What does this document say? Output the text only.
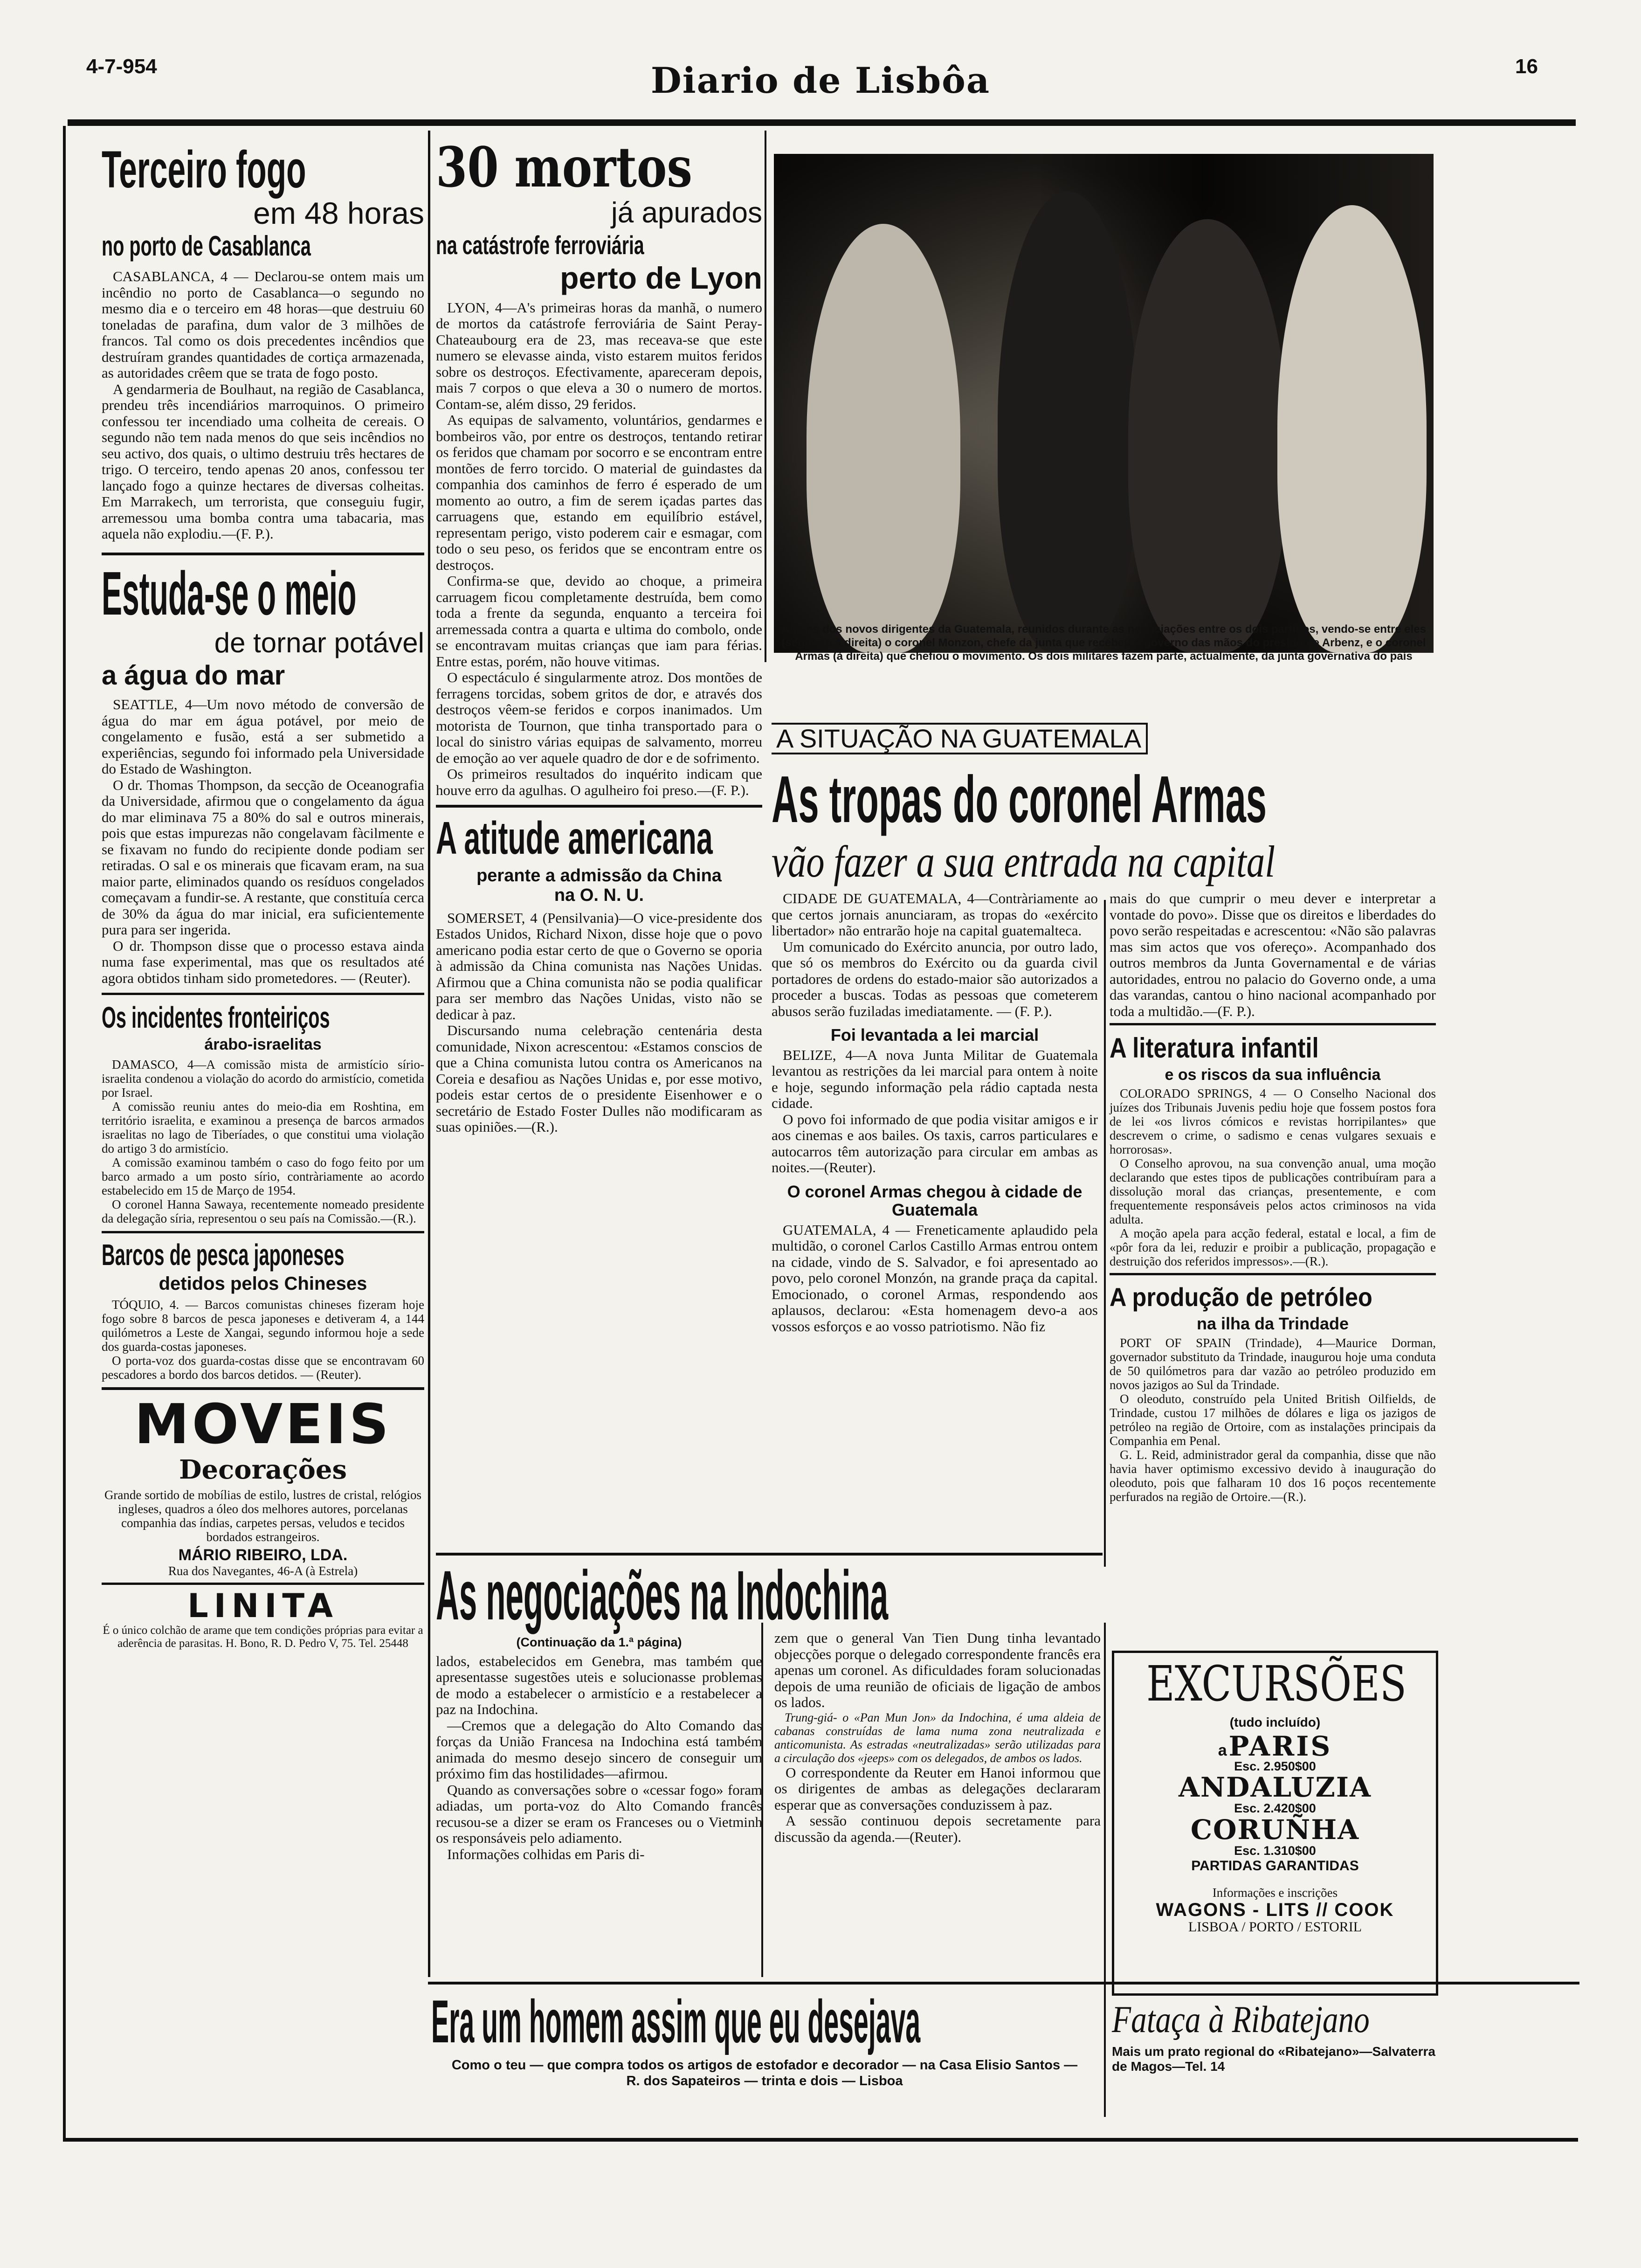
4-7-954	Diario de Lisbôa	16
Terceiro fogo
em 48 horas
no porto de Casablanca

CASABLANCA, 4 — Declarou-se ontem mais um incêndio no porto de Casablanca—o segundo no mesmo dia e o terceiro em 48 horas—que destruiu 60 toneladas de parafina, dum valor de 3 milhões de francos. Tal como os dois precedentes incêndios que destruíram grandes quantidades de cortiça armazenada, as autoridades crêem que se trata de fogo posto.

A gendarmeria de Boulhaut, na região de Casablanca, prendeu três incendiários marroquinos. O primeiro confessou ter incendiado uma colheita de cereais. O segundo não tem nada menos do que seis incêndios no seu activo, dos quais, o ultimo destruiu três hectares de trigo. O terceiro, tendo apenas 20 anos, confessou ter lançado fogo a quinze hectares de diversas colheitas. Em Marrakech, um terrorista, que conseguiu fugir, arremessou uma bomba contra uma tabacaria, mas aquela não explodiu.—(F. P.).

Estuda-se o meio
de tornar potável
a água do mar

SEATTLE, 4—Um novo método de conversão de água do mar em água potável, por meio de congelamento e fusão, está a ser submetido a experiências, segundo foi informado pela Universidade do Estado de Washington.

O dr. Thomas Thompson, da secção de Oceanografia da Universidade, afirmou que o congelamento da água do mar eliminava 75 a 80% do sal e outros minerais, pois que estas impurezas não congelavam fàcilmente e se fixavam no fundo do recipiente donde podiam ser retiradas. O sal e os minerais que ficavam eram, na sua maior parte, eliminados quando os resíduos congelados começavam a fundir-se. A restante, que constituía cerca de 30% da água do mar inicial, era suficientemente pura para ser ingerida.

O dr. Thompson disse que o processo estava ainda numa fase experimental, mas que os resultados até agora obtidos tinham sido prometedores. — (Reuter).

Os incidentes fronteiriços
árabo-israelitas

DAMASCO, 4—A comissão mista de armistício sírio-israelita condenou a violação do acordo do armistício, cometida por Israel.

A comissão reuniu antes do meio-dia em Roshtina, em território israelita, e examinou a presença de barcos armados israelitas no lago de Tiberíades, o que constitui uma violação do artigo 3 do armistício.

A comissão examinou também o caso do fogo feito por um barco armado a um posto sírio, contràriamente ao acordo estabelecido em 15 de Março de 1954.

O coronel Hanna Sawaya, recentemente nomeado presidente da delegação síria, representou o seu país na Comissão.—(R.).

Barcos de pesca japoneses
detidos pelos Chineses

TÓQUIO, 4. — Barcos comunistas chineses fizeram hoje fogo sobre 8 barcos de pesca japoneses e detiveram 4, a 144 quilómetros a Leste de Xangai, segundo informou hoje a sede dos guarda-costas japoneses.

O porta-voz dos guarda-costas disse que se encontravam 60 pescadores a bordo dos barcos detidos. — (Reuter).

MOVEIS
Decorações

Grande sortido de mobílias de estilo, lustres de cristal, relógios ingleses, quadros a óleo dos melhores autores, porcelanas companhia das índias, carpetes persas, veludos e tecidos bordados estrangeiros.

MÁRIO RIBEIRO, LDA.
Rua dos Navegantes, 46-A (à Estrela)
LINITA

É o único colchão de arame que tem condições próprias para evitar a aderência de parasitas. H. Bono, R. D. Pedro V, 75. Tel. 25448

30 mortos
já apurados
na catástrofe ferroviária
perto de Lyon

LYON, 4—A's primeiras horas da manhã, o numero de mortos da catástrofe ferroviária de Saint Peray-Chateaubourg era de 23, mas receava-se que este numero se elevasse ainda, visto estarem muitos feridos sobre os destroços. Efectivamente, apareceram depois, mais 7 corpos o que eleva a 30 o numero de mortos. Contam-se, além disso, 29 feridos.

As equipas de salvamento, voluntários, gendarmes e bombeiros vão, por entre os destroços, tentando retirar os feridos que chamam por socorro e se encontram entre montões de ferro torcido. O material de guindastes da companhia dos caminhos de ferro é esperado de um momento ao outro, a fim de serem içadas partes das carruagens que, estando em equilíbrio estável, representam perigo, visto poderem cair e esmagar, com todo o seu peso, os feridos que se encontram entre os destroços.

Confirma-se que, devido ao choque, a primeira carruagem ficou completamente destruída, bem como toda a frente da segunda, enquanto a terceira foi arremessada contra a quarta e ultima do combolo, onde se encontravam muitas crianças que iam para férias. Entre estas, porém, não houve vitimas.

O espectáculo é singularmente atroz. Dos montões de ferragens torcidas, sobem gritos de dor, e através dos destroços vêem-se feridos e corpos inanimados. Um motorista de Tournon, que tinha transportado para o local do sinistro várias equipas de salvamento, morreu de emoção ao ver aquele quadro de dor e de sofrimento.

Os primeiros resultados do inquérito indicam que houve erro da agulhas. O agulheiro foi preso.—(F. P.).

A atitude americana
perante a admissão da China
na O. N. U.

SOMERSET, 4 (Pensilvania)—O vice-presidente dos Estados Unidos, Richard Nixon, disse hoje que o povo americano podia estar certo de que o Governo se oporia à admissão da China comunista nas Nações Unidas. Afirmou que a China comunista não se podia qualificar para ser membro das Nações Unidas, visto não se dedicar à paz.

Discursando numa celebração centenária desta comunidade, Nixon acrescentou: «Estamos conscios de que a China comunista lutou contra os Americanos na Coreia e desafiou as Nações Unidas e, por esse motivo, podeis estar certos de o presidente Eisenhower e o secretário de Estado Foster Dulles não modificaram as suas opiniões.—(R.).

Alguns dos novos dirigentes da Guatemala, reunidos durante as negociações entre os dois partidos, vendo-se entre eles (segundo à direita) o coronel Monzon, chefe da junta que recebeu o governo das mãos do presidente Arbenz, e o coronel Armas (à direita) que chefiou o movimento. Os dois militares fazem parte, actualmente, da junta governativa do país
A SITUAÇÃO NA GUATEMALA
As tropas do coronel Armas
vão fazer a sua entrada na capital

CIDADE DE GUATEMALA, 4—Contràriamente ao que certos jornais anunciaram, as tropas do «exército libertador» não entrarão hoje na capital guatemalteca.

Um comunicado do Exército anuncia, por outro lado, que só os membros do Exército ou da guarda civil portadores de ordens do estado-maior são autorizados a proceder a buscas. Todas as pessoas que cometerem abusos serão fuziladas imediatamente. — (F. P.).

Foi levantada a lei marcial

BELIZE, 4—A nova Junta Militar de Guatemala levantou as restrições da lei marcial para ontem à noite e hoje, segundo informação pela rádio captada nesta cidade.

O povo foi informado de que podia visitar amigos e ir aos cinemas e aos bailes. Os taxis, carros particulares e autocarros têm autorização para circular em ambas as noites.—(Reuter).

O coronel Armas chegou à cidade de Guatemala

GUATEMALA, 4 — Freneticamente aplaudido pela multidão, o coronel Carlos Castillo Armas entrou ontem na cidade, vindo de S. Salvador, e foi apresentado ao povo, pelo coronel Monzón, na grande praça da capital. Emocionado, o coronel Armas, respondendo aos aplausos, declarou: «Esta homenagem devo-a aos vossos esforços e ao vosso patriotismo. Não fiz

mais do que cumprir o meu dever e interpretar a vontade do povo». Disse que os direitos e liberdades do povo serão respeitadas e acrescentou: «Não são palavras mas sim actos que vos ofereço». Acompanhado dos outros membros da Junta Governamental e de várias autoridades, entrou no palacio do Governo onde, a uma das varandas, cantou o hino nacional acompanhado por toda a multidão.—(F. P.).

A literatura infantil
e os riscos da sua influência

COLORADO SPRINGS, 4 — O Conselho Nacional dos juízes dos Tribunais Juvenis pediu hoje que fossem postos fora de lei «os livros cómicos e revistas horripilantes» que descrevem o crime, o sadismo e cenas vulgares sexuais e horrorosas».

O Conselho aprovou, na sua convenção anual, uma moção declarando que estes tipos de publicações contribuíram para a dissolução moral das crianças, presentemente, e com frequentemente responsáveis pelos actos criminosos na vida adulta.

A moção apela para acção federal, estatal e local, a fim de «pôr fora da lei, reduzir e proibir a publicação, propagação e destruição dos referidos impressos».—(R.).

A produção de petróleo
na ilha da Trindade

PORT OF SPAIN (Trindade), 4—Maurice Dorman, governador substituto da Trindade, inaugurou hoje uma conduta de 50 quilómetros para dar vazão ao petróleo produzido em novos jazigos ao Sul da Trindade.

O oleoduto, construído pela United British Oilfields, de Trindade, custou 17 milhões de dólares e liga os jazigos de petróleo na região de Ortoire, com as instalações principais da Companhia em Penal.

G. L. Reid, administrador geral da companhia, disse que não havia haver optimismo excessivo devido à inauguração do oleoduto, pois que falharam 10 dos 16 poços recentemente perfurados na região de Ortoire.—(R.).

As negociações na Indochina
(Continuação da 1.ª página)

lados, estabelecidos em Genebra, mas também que apresentasse sugestões uteis e solucionasse problemas de modo a estabelecer o armistício e a restabelecer a paz na Indochina.

—Cremos que a delegação do Alto Comando das forças da União Francesa na Indochina está também animada do mesmo desejo sincero de conseguir um próximo fim das hostilidades—afirmou.

Quando as conversações sobre o «cessar fogo» foram adiadas, um porta-voz do Alto Comando francês recusou-se a dizer se eram os Franceses ou o Vietminh os responsáveis pelo adiamento.

Informações colhidas em Paris di-

zem que o general Van Tien Dung tinha levantado objecções porque o delegado correspondente francês era apenas um coronel. As dificuldades foram solucionadas depois de uma reunião de oficiais de ligação de ambos os lados.

Trung-giá- o «Pan Mun Jon» da Indochina, é uma aldeia de cabanas construídas de lama numa zona neutralizada e anticomunista. As estradas «neutralizadas» serão utilizadas para a circulação dos «jeeps» com os delegados, de ambos os lados.

O correspondente da Reuter em Hanoi informou que os dirigentes de ambas as delegações declararam esperar que as conversações conduzissem à paz.

A sessão continuou depois secretamente para discussão da agenda.—(Reuter).

EXCURSÕES
(tudo incluído)
a PARIS
Esc. 2.950$00
ANDALUZIA
Esc. 2.420$00
CORUÑHA
Esc. 1.310$00
PARTIDAS GARANTIDAS
Informações e inscrições
WAGONS - LITS // COOK
LISBOA / PORTO / ESTORIL
Era um homem assim que eu desejava
Como o teu — que compra todos os artigos de estofador e decorador — na Casa Elisio Santos — R. dos Sapateiros — trinta e dois — Lisboa
Fataça à Ribatejano
Mais um prato regional do «Ribatejano»—Salvaterra de Magos—Tel. 14
